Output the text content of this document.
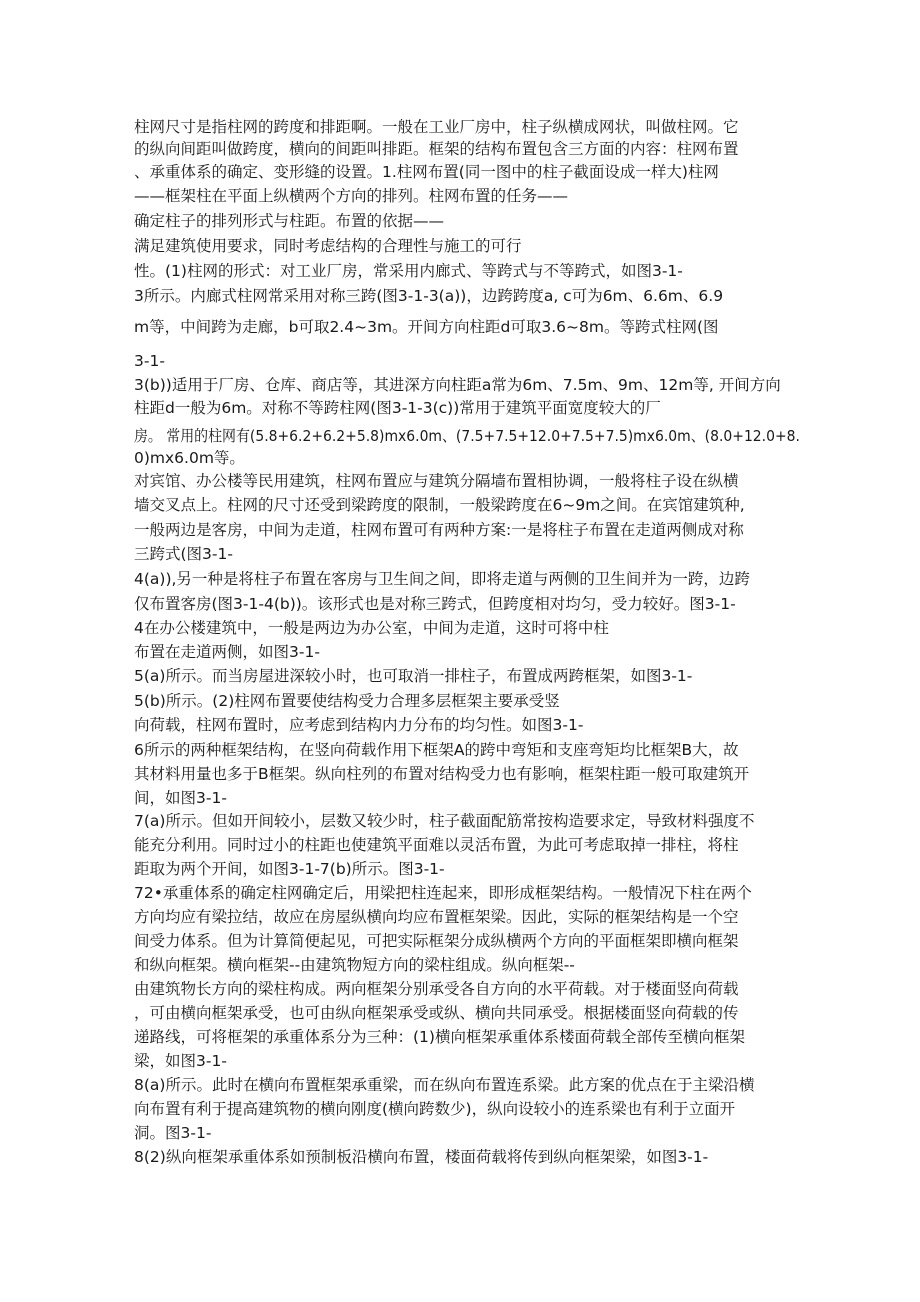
柱网尺寸是指柱网的跨度和排距啊。一般在工业厂房中，柱子纵横成网状，叫做柱网。它
的纵向间距叫做跨度，横向的间距叫排距。框架的结构布置包含三方面的内容：柱网布置
、承重体系的确定、变形缝的设置。1.柱网布置(同一图中的柱子截面设成一样大)柱网
——框架柱在平面上纵横两个方向的排列。柱网布置的任务——
确定柱子的排列形式与柱距。布置的依据——
满足建筑使用要求，同时考虑结构的合理性与施工的可行
性。(1)柱网的形式：对工业厂房，常采用内廊式、等跨式与不等跨式，如图3-1-
3所示。内廊式柱网常采用对称三跨(图3-1-3(a))，边跨跨度a, c可为6m、6.6m、6.9
m等，中间跨为走廊，b可取2.4~3m。开间方向柱距d可取3.6~8m。等跨式柱网(图
3-1-
3(b))适用于厂房、仓库、商店等，其进深方向柱距a常为6m、7.5m、9m、12m等, 开间方向
柱距d一般为6m。对称不等跨柱网(图3-1-3(c))常用于建筑平面宽度较大的厂
房。 常用的柱网有(5.8+6.2+6.2+5.8)mx6.0m、(7.5+7.5+12.0+7.5+7.5)mx6.0m、(8.0+12.0+8.
0)mx6.0m等。
对宾馆、办公楼等民用建筑，柱网布置应与建筑分隔墙布置相协调，一般将柱子设在纵横
墙交叉点上。柱网的尺寸还受到梁跨度的限制，一般梁跨度在6~9m之间。在宾馆建筑种,
一般两边是客房，中间为走道，柱网布置可有两种方案:一是将柱子布置在走道两侧成对称
三跨式(图3-1-
4(a)),另一种是将柱子布置在客房与卫生间之间，即将走道与两侧的卫生间并为一跨，边跨
仅布置客房(图3-1-4(b))。该形式也是对称三跨式，但跨度相对均匀，受力较好。图3-1-
4在办公楼建筑中，一般是两边为办公室，中间为走道，这时可将中柱
布置在走道两侧，如图3-1-
5(a)所示。而当房屋进深较小时，也可取消一排柱子，布置成两跨框架，如图3-1-
5(b)所示。(2)柱网布置要使结构受力合理多层框架主要承受竖
向荷载，柱网布置时，应考虑到结构内力分布的均匀性。如图3-1-
6所示的两种框架结构，在竖向荷载作用下框架A的跨中弯矩和支座弯矩均比框架B大，故
其材料用量也多于B框架。纵向柱列的布置对结构受力也有影响，框架柱距一般可取建筑开
间，如图3-1-
7(a)所示。但如开间较小，层数又较少时，柱子截面配筋常按构造要求定，导致材料强度不
能充分利用。同时过小的柱距也使建筑平面难以灵活布置，为此可考虑取掉一排柱，将柱
距取为两个开间，如图3-1-7(b)所示。图3-1-
72•承重体系的确定柱网确定后，用梁把柱连起来，即形成框架结构。一般情况下柱在两个
方向均应有梁拉结，故应在房屋纵横向均应布置框架梁。因此，实际的框架结构是一个空
间受力体系。但为计算简便起见，可把实际框架分成纵横两个方向的平面框架即横向框架
和纵向框架。横向框架--由建筑物短方向的梁柱组成。纵向框架--
由建筑物长方向的梁柱构成。两向框架分别承受各自方向的水平荷载。对于楼面竖向荷载
，可由横向框架承受，也可由纵向框架承受或纵、横向共同承受。根据楼面竖向荷载的传
递路线，可将框架的承重体系分为三种：(1)横向框架承重体系楼面荷载全部传至横向框架
梁，如图3-1-
8(a)所示。此时在横向布置框架承重梁，而在纵向布置连系梁。此方案的优点在于主梁沿横
向布置有利于提高建筑物的横向刚度(横向跨数少)，纵向设较小的连系梁也有利于立面开
洞。图3-1-
8(2)纵向框架承重体系如预制板沿横向布置，楼面荷载将传到纵向框架梁，如图3-1-
